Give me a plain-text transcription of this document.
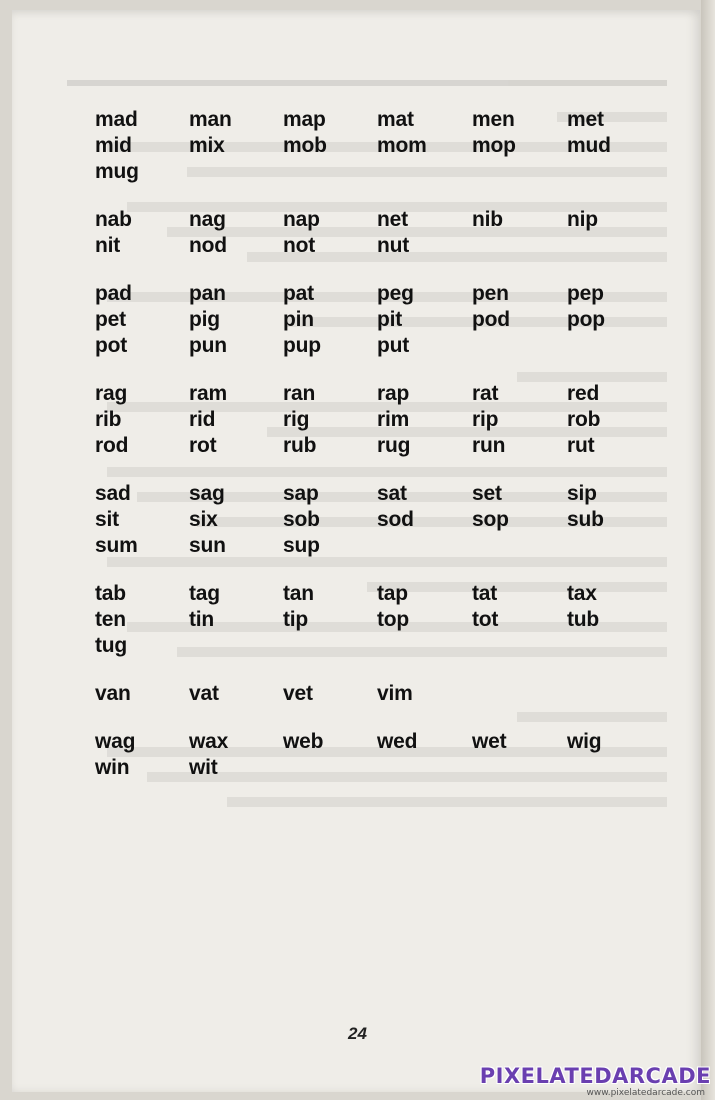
mad	man	map	mat	men	met
mid	mix	mob	mom	mop	mud
mug
nab	nag	nap	net	nib	nip
nit	nod	not	nut
pad	pan	pat	peg	pen	pep
pet	pig	pin	pit	pod	pop
pot	pun	pup	put
rag	ram	ran	rap	rat	red
rib	rid	rig	rim	rip	rob
rod	rot	rub	rug	run	rut
sad	sag	sap	sat	set	sip
sit	six	sob	sod	sop	sub
sum	sun	sup
tab	tag	tan	tap	tat	tax
ten	tin	tip	top	tot	tub
tug
van	vat	vet	vim
wag	wax	web	wed	wet	wig
win	wit
24
PIXELATEDARCADE
www.pixelatedarcade.com
